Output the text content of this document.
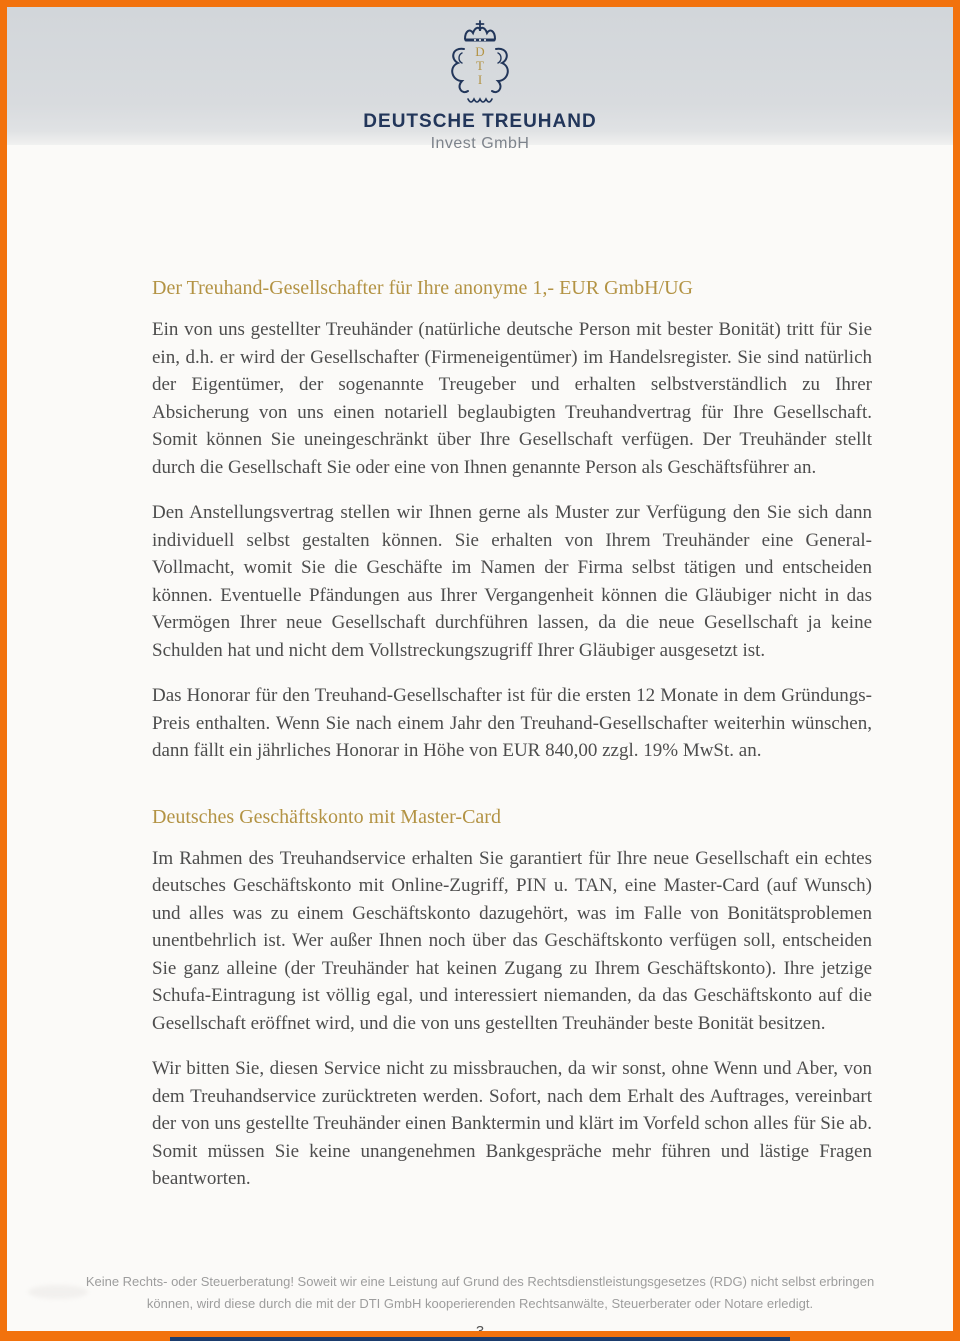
D
T
I
DEUTSCHE TREUHAND
Invest GmbH
Der Treuhand-Gesellschafter für Ihre anonyme 1,- EUR GmbH/UG

Ein von uns gestellter Treuhänder (natürliche deutsche Person mit bester Bonität) tritt für Sie ein, d.h. er wird der Gesellschafter (Firmeneigentümer) im Handelsregister. Sie sind natürlich der Eigentümer, der sogenannte Treugeber und erhalten selbstverständlich zu Ihrer Absicherung von uns einen notariell beglaubigten Treuhandvertrag für Ihre Gesellschaft. Somit können Sie uneingeschränkt über Ihre Gesellschaft verfügen. Der Treuhänder stellt durch die Gesellschaft Sie oder eine von Ihnen genannte Person als Geschäftsführer an.

Den Anstellungsvertrag stellen wir Ihnen gerne als Muster zur Verfügung den Sie sich dann individuell selbst gestalten können. Sie erhalten von Ihrem Treuhänder eine General-Vollmacht, womit Sie die Geschäfte im Namen der Firma selbst tätigen und entscheiden können. Eventuelle Pfändungen aus Ihrer Vergangenheit können die Gläubiger nicht in das Vermögen Ihrer neue Gesellschaft durchführen lassen, da die neue Gesellschaft ja keine Schulden hat und nicht dem Vollstreckungszugriff Ihrer Gläubiger ausgesetzt ist.

Das Honorar für den Treuhand-Gesellschafter ist für die ersten 12 Monate in dem Gründungs-Preis enthalten. Wenn Sie nach einem Jahr den Treuhand-Gesellschafter weiterhin wünschen, dann fällt ein jährliches Honorar in Höhe von EUR 840,00 zzgl. 19% MwSt. an.

Deutsches Geschäftskonto mit Master-Card

Im Rahmen des Treuhandservice erhalten Sie garantiert für Ihre neue Gesellschaft ein echtes deutsches Geschäftskonto mit Online-Zugriff, PIN u. TAN, eine Master-Card (auf Wunsch) und alles was zu einem Geschäftskonto dazugehört, was im Falle von Bonitätsproblemen unentbehrlich ist. Wer außer Ihnen noch über das Geschäftskonto verfügen soll, entscheiden Sie ganz alleine (der Treuhänder hat keinen Zugang zu Ihrem Geschäftskonto). Ihre jetzige Schufa-Eintragung ist völlig egal, und interessiert niemanden, da das Geschäftskonto auf die Gesellschaft eröffnet wird, und die von uns gestellten Treuhänder beste Bonität besitzen.

Wir bitten Sie, diesen Service nicht zu missbrauchen, da wir sonst, ohne Wenn und Aber, von dem Treuhandservice zurücktreten werden. Sofort, nach dem Erhalt des Auftrages, vereinbart der von uns gestellte Treuhänder einen Banktermin und klärt im Vorfeld schon alles für Sie ab. Somit müssen Sie keine unangenehmen Bankgespräche mehr führen und lästige Fragen beantworten.

Keine Rechts- oder Steuerberatung! Soweit wir eine Leistung auf Grund des Rechtsdienstleistungsgesetzes (RDG) nicht selbst erbringen
können, wird diese durch die mit der DTI GmbH kooperierenden Rechtsanwälte, Steuerberater oder Notare erledigt.
